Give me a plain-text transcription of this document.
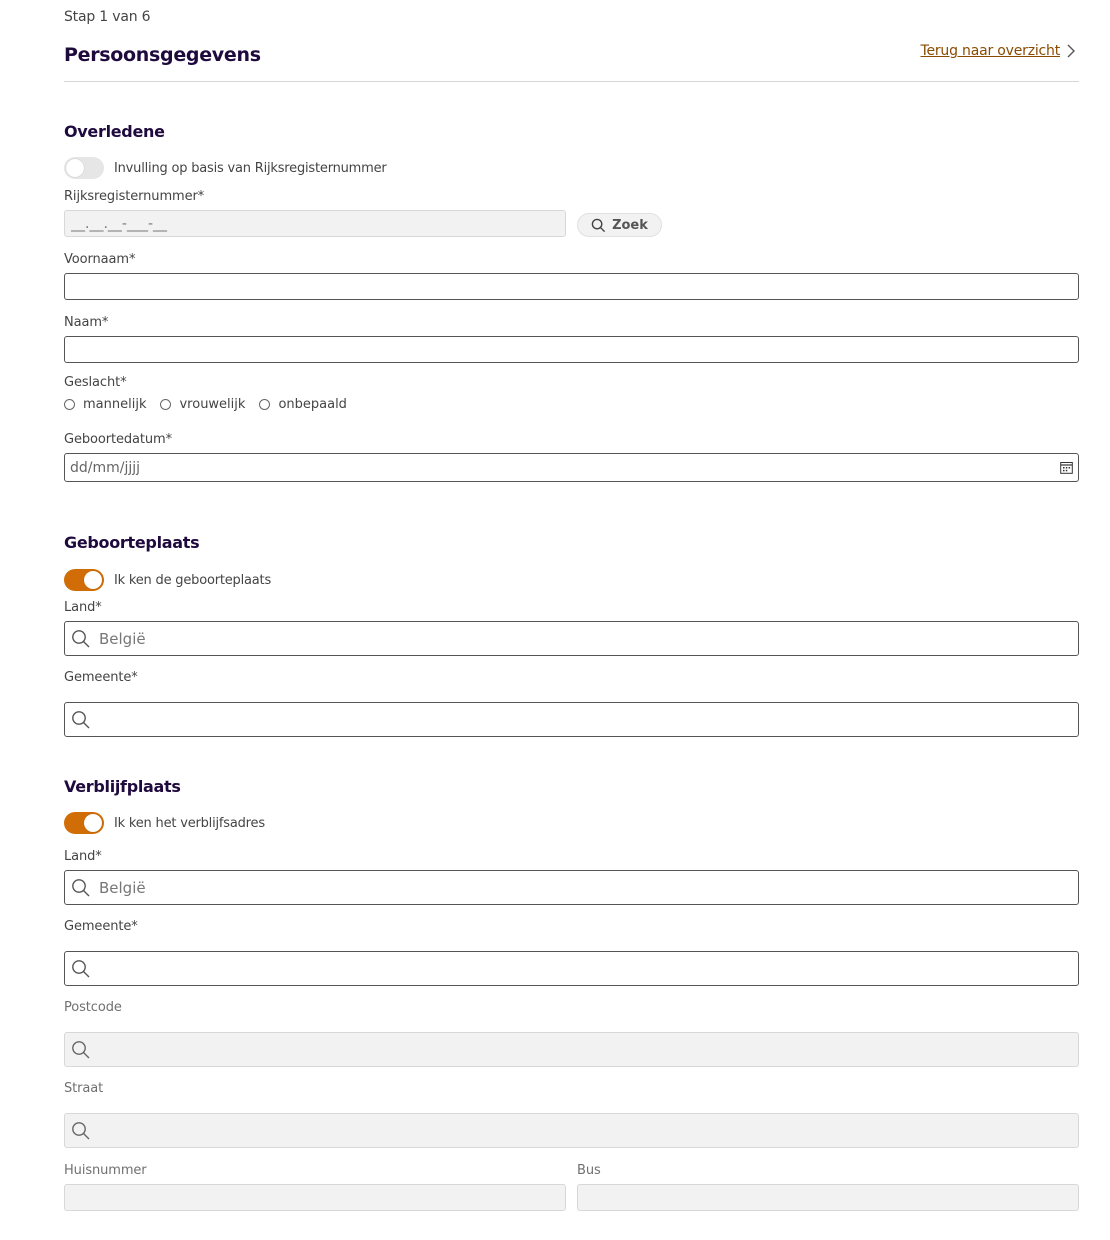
Stap 1 van 6
Persoonsgegevens	Terug naar overzicht
Overledene
Invulling op basis van Rijksregisternummer
Rijksregisternummer*
__.__.__-___-__
Zoek
Voornaam*
Naam*
Geslacht*
mannelijk	vrouwelijk	onbepaald
Geboortedatum*
dd/mm/jjjj
Geboorteplaats
Ik ken de geboorteplaats
Land*
België
Gemeente*
Verblijfplaats
Ik ken het verblijfsadres
Land*
België
Gemeente*
Postcode
Straat
Huisnummer	Bus
